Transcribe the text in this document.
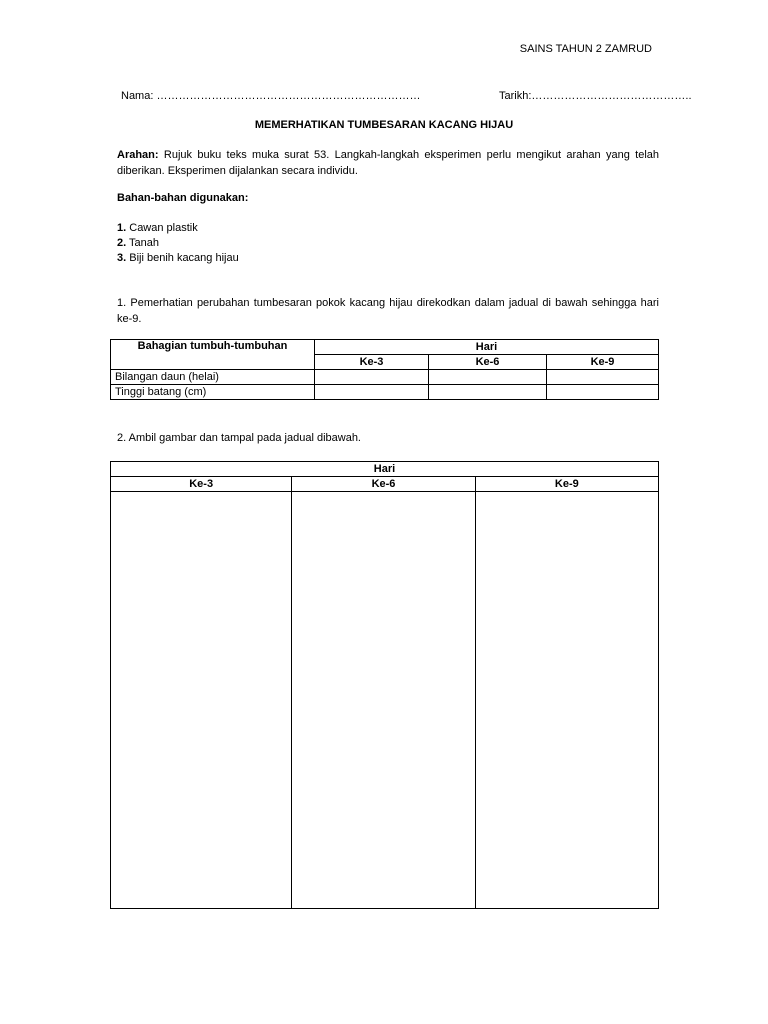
SAINS TAHUN 2 ZAMRUD
Nama: ………………………………………………………………	Tarikh:……………………………………..
MEMERHATIKAN TUMBESARAN KACANG HIJAU
Arahan: Rujuk buku teks muka surat 53. Langkah-langkah eksperimen perlu mengikut arahan yang telah diberikan. Eksperimen dijalankan secara individu.
Bahan-bahan digunakan:
1. Cawan plastik
2. Tanah
3. Biji benih kacang hijau
1. Pemerhatian perubahan tumbesaran pokok kacang hijau direkodkan dalam jadual di bawah sehingga hari ke-9.
Bahagian tumbuh-tumbuhan	Hari		
	Ke-3	Ke-6	Ke-9
Bilangan daun (helai)			
Tinggi batang (cm)			
2. Ambil gambar dan tampal pada jadual dibawah.
Hari		
Ke-3	Ke-6	Ke-9
